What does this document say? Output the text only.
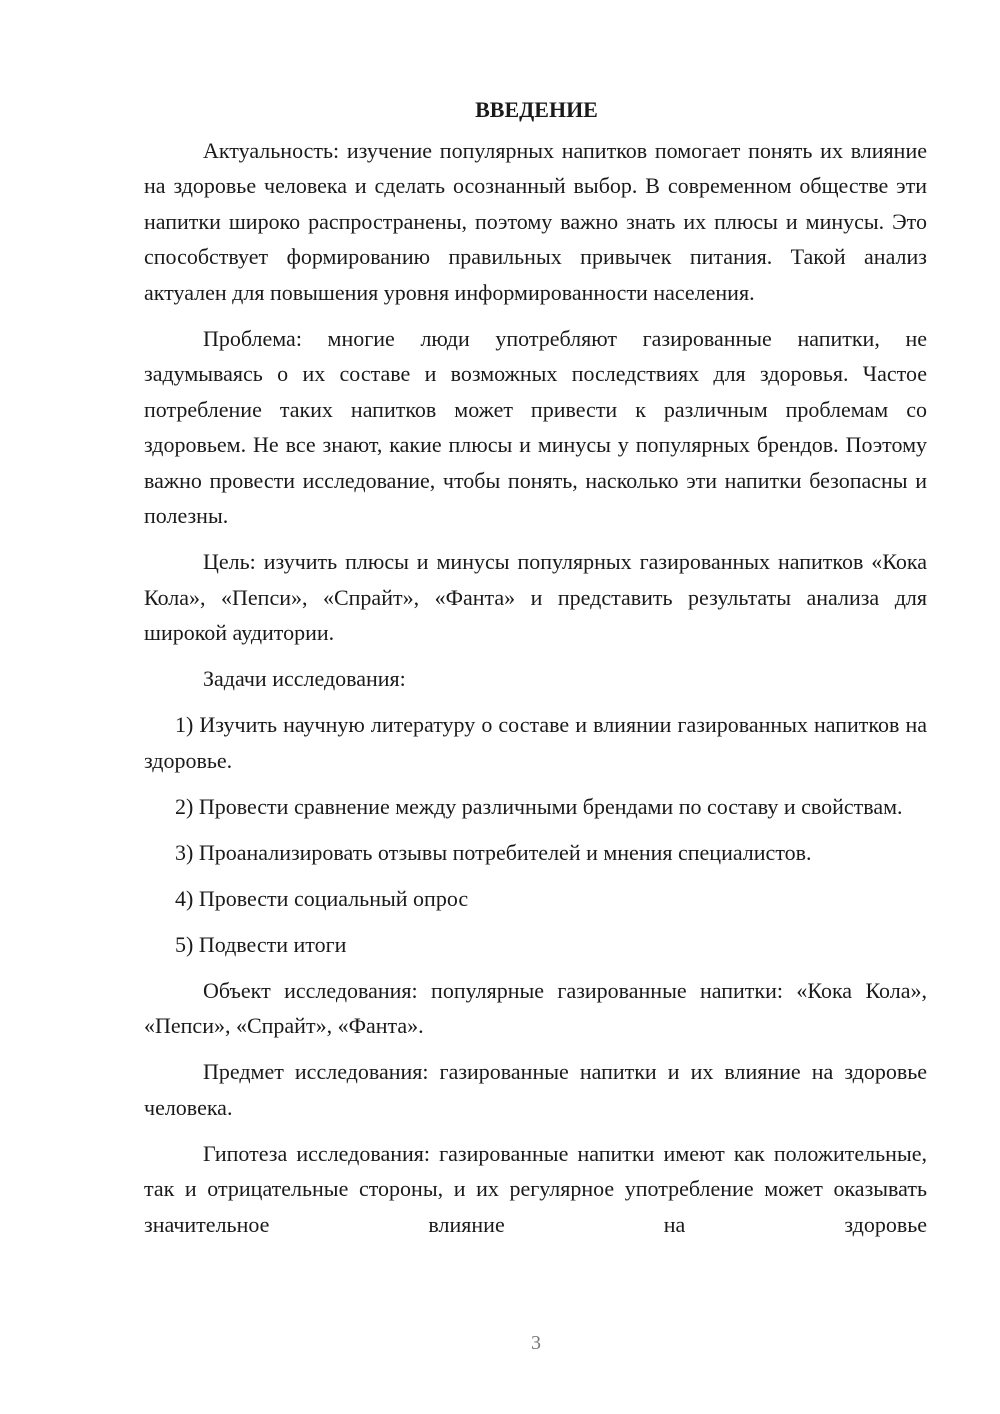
ВВЕДЕНИЕ

Актуальность: изучение популярных напитков помогает понять их влияние на здоровье человека и сделать осознанный выбор. В современном обществе эти напитки широко распространены, поэтому важно знать их плюсы и минусы. Это способствует формированию правильных привычек питания. Такой анализ актуален для повышения уровня информированности населения.

Проблема: многие люди употребляют газированные напитки, не задумываясь о их составе и возможных последствиях для здоровья. Частое потребление таких напитков может привести к различным проблемам со здоровьем. Не все знают, какие плюсы и минусы у популярных брендов. Поэтому важно провести исследование, чтобы понять, насколько эти напитки безопасны и полезны.

Цель: изучить плюсы и минусы популярных газированных напитков «Кока Кола», «Пепси», «Спрайт», «Фанта» и представить результаты анализа для широкой аудитории.

Задачи исследования:

1) Изучить научную литературу о составе и влиянии газированных напитков на здоровье.

2) Провести сравнение между различными брендами по составу и свойствам.

3) Проанализировать отзывы потребителей и мнения специалистов.

4) Провести социальный опрос

5) Подвести итоги

Объект исследования: популярные газированные напитки: «Кока Кола», «Пепси», «Спрайт», «Фанта».

Предмет исследования: газированные напитки и их влияние на здоровье человека.

Гипотеза исследования: газированные напитки имеют как положительные, так и отрицательные стороны, и их регулярное употребление может оказывать значительное влияние на здоровье

3
